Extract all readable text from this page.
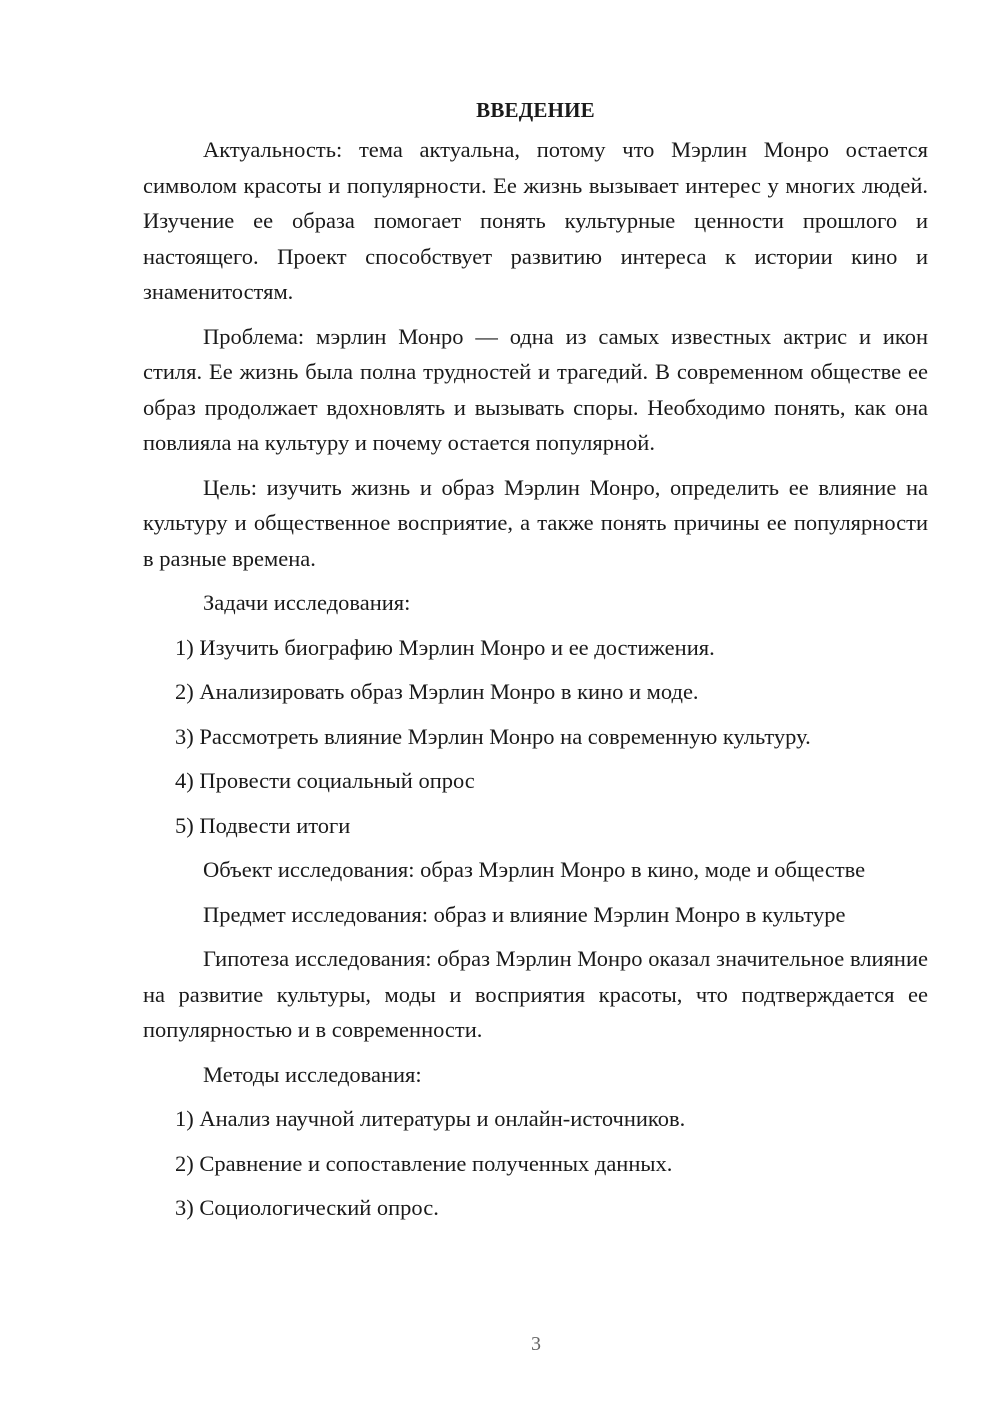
ВВЕДЕНИЕ

Актуальность: тема актуальна, потому что Мэрлин Монро остается символом красоты и популярности. Ее жизнь вызывает интерес у многих людей. Изучение ее образа помогает понять культурные ценности прошлого и настоящего. Проект способствует развитию интереса к истории кино и знаменитостям.

Проблема: мэрлин Монро — одна из самых известных актрис и икон стиля. Ее жизнь была полна трудностей и трагедий. В современном обществе ее образ продолжает вдохновлять и вызывать споры. Необходимо понять, как она повлияла на культуру и почему остается популярной.

Цель: изучить жизнь и образ Мэрлин Монро, определить ее влияние на культуру и общественное восприятие, а также понять причины ее популярности в разные времена.

Задачи исследования:

1) Изучить биографию Мэрлин Монро и ее достижения.

2) Анализировать образ Мэрлин Монро в кино и моде.

3) Рассмотреть влияние Мэрлин Монро на современную культуру.

4) Провести социальный опрос

5) Подвести итоги

Объект исследования: образ Мэрлин Монро в кино, моде и обществе

Предмет исследования: образ и влияние Мэрлин Монро в культуре

Гипотеза исследования: образ Мэрлин Монро оказал значительное влияние на развитие культуры, моды и восприятия красоты, что подтверждается ее популярностью и в современности.

Методы исследования:

1) Анализ научной литературы и онлайн-источников.

2) Сравнение и сопоставление полученных данных.

3) Социологический опрос.

3
